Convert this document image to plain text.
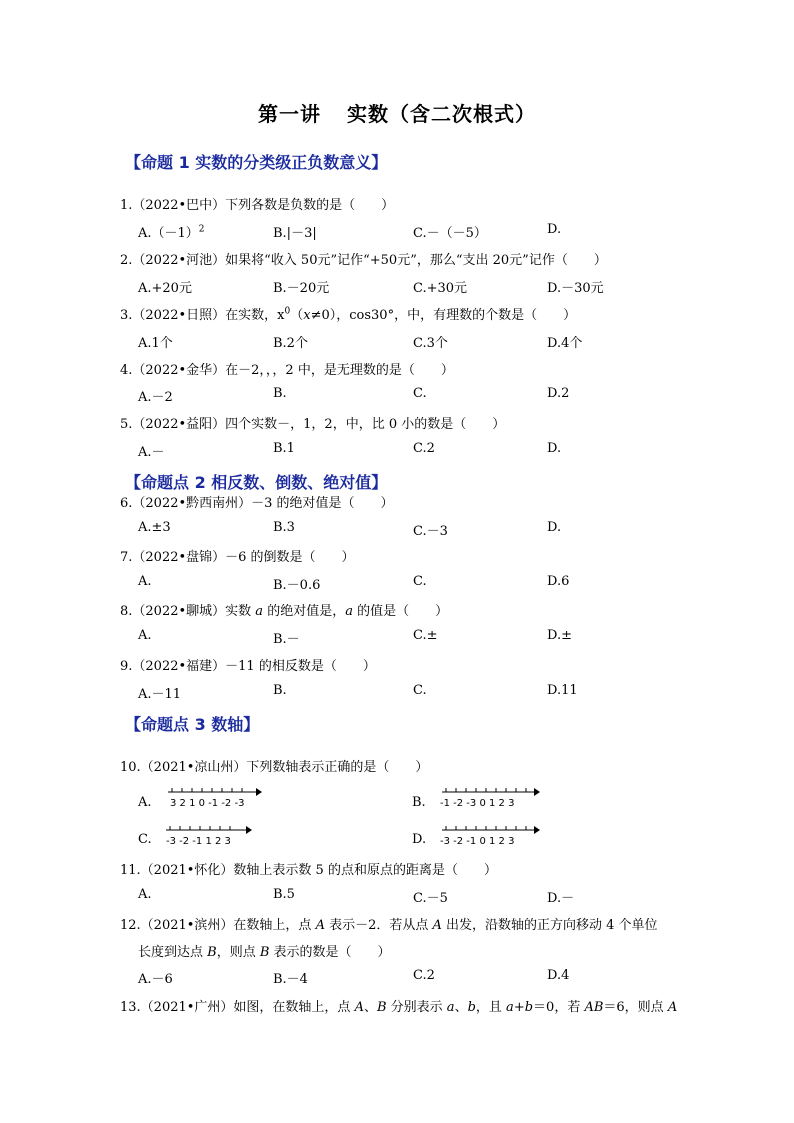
第一讲 实数（含二次根式）
【命题 1 实数的分类级正负数意义】
1.（2022•巴中）下列各数是负数的是（　　）
$A.(-1)^2$	B.|－3|	C.－（－5）	D.
2.（2022•河池）如果将“收入 50元”记作“+50元”，那么“支出 20元”记作（　　）
A.+20元	B.－20元	C.+30元	D.－30元
3.（2022•日照）在实数，$x^0(x\ne 0)$，cos30°，中，有理数的个数是（　　）
A.1个	B.2个	C.3个	D.4个
4.（2022•金华）在－2，，，2 中，是无理数的是（　　）
A.－2	B.	C.	D.2
5.（2022•益阳）四个实数－，1，2，中，比 0 小的数是（　　）
A.－	B.1	C.2	D.
【命题点 2 相反数、倒数、绝对值】
6.（2022•黔西南州）－3 的绝对值是（　　）
A.±3	B.3	C.－3	D.
7.（2022•盘锦）－6 的倒数是（　　）
A.	B.－0.6	C.	D.6
8.（2022•聊城）实数 a 的绝对值是，a 的值是（　　）
A.	B.－	C.±	D.±
9.（2022•福建）－11 的相反数是（　　）
A.－11	B.	C.	D.11
【命题点 3 数轴】
10.（2021•凉山州）下列数轴表示正确的是（　　）
A. 3 2 1 0 -1 -2 -3	B. -1 -2 -3 0 1 2 3
C. -3 -2 -1 1 2 3	D. -3 -2 -1 0 1 2 3
11.（2021•怀化）数轴上表示数 5 的点和原点的距离是（　　）
A.	B.5	C.－5	D.－
12.（2021•滨州）在数轴上，点 A 表示－2．若从点 A 出发，沿数轴的正方向移动 4 个单位
长度到达点 B，则点 B 表示的数是（　　）
A.－6	B.－4	C.2	D.4
13.（2021•广州）如图，在数轴上，点 A、B 分别表示 a、b，且 a+b＝0，若 AB＝6，则点 A
